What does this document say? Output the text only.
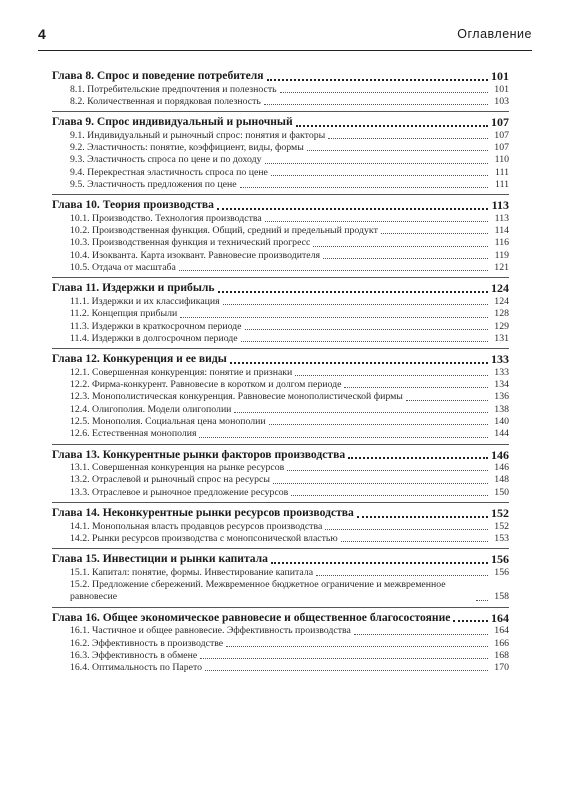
4	Оглавление
Глава 8. Спрос и поведение потребителя	101
8.1. Потребительские предпочтения и полезность	101
8.2. Количественная и порядковая полезность	103
Глава 9. Спрос индивидуальный и рыночный	107
9.1. Индивидуальный и рыночный спрос: понятия и факторы	107
9.2. Эластичность: понятие, коэффициент, виды, формы	107
9.3. Эластичность спроса по цене и по доходу	110
9.4. Перекрестная эластичность спроса по цене	111
9.5. Эластичность предложения по цене	111
Глава 10. Теория производства	113
10.1. Производство. Технология производства	113
10.2. Производственная функция. Общий, средний и предельный продукт	114
10.3. Производственная функция и технический прогресс	116
10.4. Изокванта. Карта изоквант. Равновесие производителя	119
10.5. Отдача от масштаба	121
Глава 11. Издержки и прибыль	124
11.1. Издержки и их классификация	124
11.2. Концепция прибыли	128
11.3. Издержки в краткосрочном периоде	129
11.4. Издержки в долгосрочном периоде	131
Глава 12. Конкуренция и ее виды	133
12.1. Совершенная конкуренция: понятие и признаки	133
12.2. Фирма-конкурент. Равновесие в коротком и долгом периоде	134
12.3. Монополистическая конкуренция. Равновесие монополистической фирмы	136
12.4. Олигополия. Модели олигополии	138
12.5. Монополия. Социальная цена монополии	140
12.6. Естественная монополия	144
Глава 13. Конкурентные рынки факторов производства	146
13.1. Совершенная конкуренция на рынке ресурсов	146
13.2. Отраслевой и рыночный спрос на ресурсы	148
13.3. Отраслевое и рыночное предложение ресурсов	150
Глава 14. Неконкурентные рынки ресурсов производства	152
14.1. Монопольная власть продавцов ресурсов производства	152
14.2. Рынки ресурсов производства с монопсонической властью	153
Глава 15. Инвестиции и рынки капитала	156
15.1. Капитал: понятие, формы. Инвестирование капитала	156
15.2. Предложение сбережений. Межвременное бюджетное ограничение и межвременное равновесие	158
Глава 16. Общее экономическое равновесие и общественное благосостояние	164
16.1. Частичное и общее равновесие. Эффективность производства	164
16.2. Эффективность в производстве	166
16.3. Эффективность в обмене	168
16.4. Оптимальность по Парето	170
